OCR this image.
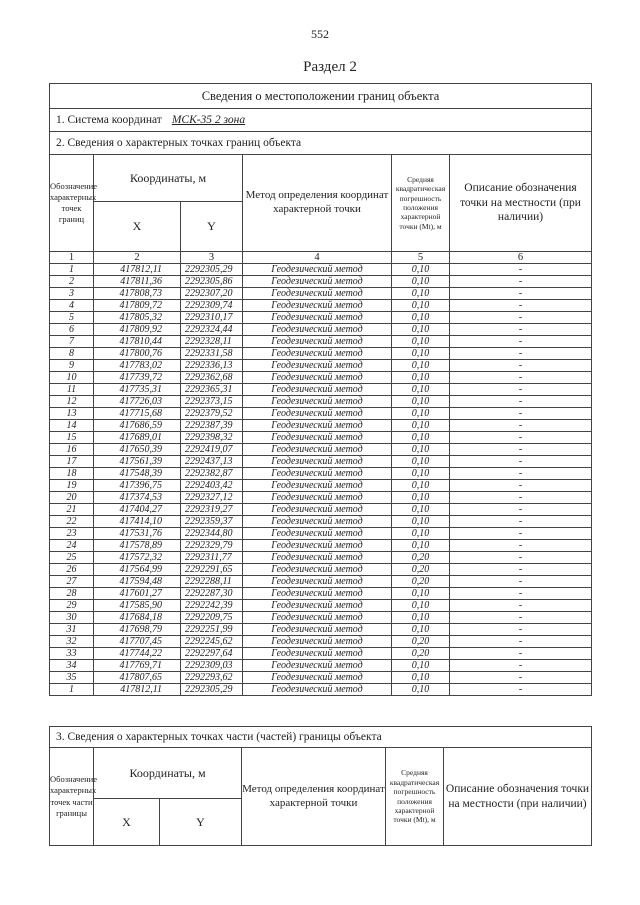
552
Раздел 2
Сведения о местоположении границ объекта					
1. Система координат МСК-35 2 зона					
2. Сведения о характерных точках границ объекта					
Обозначение характерных точек границ	Координаты, м		Метод определения координат характерной точки	Средняя квадратическая погрешность положения характерной точки (Mt), м	Описание обозначения точки на местности (при наличии)
	X	Y			
1	2	3	4	5	6
1	417812,11	2292305,29	Геодезический метод	0,10	-
2	417811,36	2292305,86	Геодезический метод	0,10	-
3	417808,73	2292307,20	Геодезический метод	0,10	-
4	417809,72	2292309,74	Геодезический метод	0,10	-
5	417805,32	2292310,17	Геодезический метод	0,10	-
6	417809,92	2292324,44	Геодезический метод	0,10	-
7	417810,44	2292328,11	Геодезический метод	0,10	-
8	417800,76	2292331,58	Геодезический метод	0,10	-
9	417783,02	2292336,13	Геодезический метод	0,10	-
10	417739,72	2292362,68	Геодезический метод	0,10	-
11	417735,31	2292365,31	Геодезический метод	0,10	-
12	417726,03	2292373,15	Геодезический метод	0,10	-
13	417715,68	2292379,52	Геодезический метод	0,10	-
14	417686,59	2292387,39	Геодезический метод	0,10	-
15	417689,01	2292398,32	Геодезический метод	0,10	-
16	417650,39	2292419,07	Геодезический метод	0,10	-
17	417561,39	2292437,13	Геодезический метод	0,10	-
18	417548,39	2292382,87	Геодезический метод	0,10	-
19	417396,75	2292403,42	Геодезический метод	0,10	-
20	417374,53	2292327,12	Геодезический метод	0,10	-
21	417404,27	2292319,27	Геодезический метод	0,10	-
22	417414,10	2292359,37	Геодезический метод	0,10	-
23	417531,76	2292344,80	Геодезический метод	0,10	-
24	417578,89	2292329,79	Геодезический метод	0,10	-
25	417572,32	2292311,77	Геодезический метод	0,20	-
26	417564,99	2292291,65	Геодезический метод	0,20	-
27	417594,48	2292288,11	Геодезический метод	0,20	-
28	417601,27	2292287,30	Геодезический метод	0,10	-
29	417585,90	2292242,39	Геодезический метод	0,10	-
30	417684,18	2292209,75	Геодезический метод	0,10	-
31	417698,79	2292251,99	Геодезический метод	0,10	-
32	417707,45	2292245,62	Геодезический метод	0,20	-
33	417744,22	2292297,64	Геодезический метод	0,20	-
34	417769,71	2292309,03	Геодезический метод	0,10	-
35	417807,65	2292293,62	Геодезический метод	0,10	-
1	417812,11	2292305,29	Геодезический метод	0,10	-
3. Сведения о характерных точках части (частей) границы объекта					
Обозначение характерных точек части границы	Координаты, м		Метод определения координат характерной точки	Средняя квадратическая погрешность положения характерной точки (Mt), м	Описание обозначения точки на местности (при наличии)
	X	Y			
